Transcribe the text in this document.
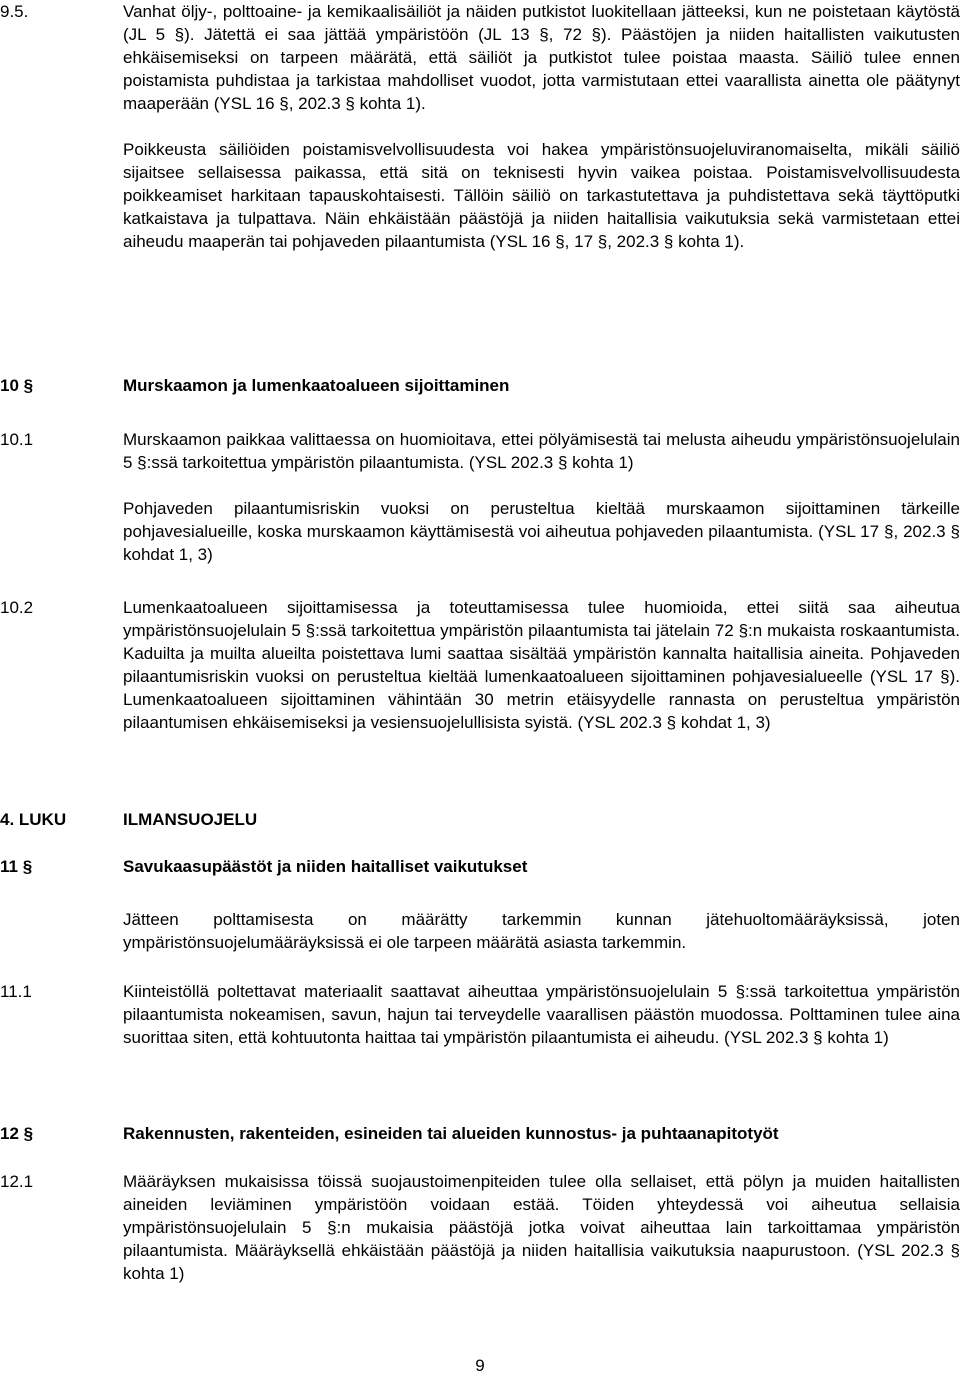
9.5.	Vanhat öljy-, polttoaine- ja kemikaalisäiliöt ja näiden putkistot luokitellaan jätteeksi, kun ne poistetaan käytöstä (JL 5 §). Jätettä ei saa jättää ympäristöön (JL 13 §, 72 §). Päästöjen ja niiden haitallisten vaikutusten ehkäisemiseksi on tarpeen määrätä, että säiliöt ja putkistot tulee poistaa maasta. Säiliö tulee ennen poistamista puhdistaa ja tarkistaa mahdolliset vuodot, jotta varmistutaan ettei vaarallista ainetta ole päätynyt maaperään (YSL 16 §, 202.3 § kohta 1).

Poikkeusta säiliöiden poistamisvelvollisuudesta voi hakea ympäristönsuojeluviranomaiselta, mikäli säiliö sijaitsee sellaisessa paikassa, että sitä on teknisesti hyvin vaikea poistaa. Poistamisvelvollisuudesta poikkeamiset harkitaan tapauskohtaisesti. Tällöin säiliö on tarkastutettava ja puhdistettava sekä täyttöputki katkaistava ja tulpattava. Näin ehkäistään päästöjä ja niiden haitallisia vaikutuksia sekä varmistetaan ettei aiheudu maaperän tai pohjaveden pilaantumista (YSL 16 §, 17 §, 202.3 § kohta 1).

10 §	Murskaamon ja lumenkaatoalueen sijoittaminen
10.1	Murskaamon paikkaa valittaessa on huomioitava, ettei pölyämisestä tai melusta aiheudu ympäristönsuojelulain 5 §:ssä tarkoitettua ympäristön pilaantumista. (YSL 202.3 § kohta 1)

Pohjaveden pilaantumisriskin vuoksi on perusteltua kieltää murskaamon sijoittaminen tärkeille pohjavesialueille, koska murskaamon käyttämisestä voi aiheutua pohjaveden pilaantumista. (YSL 17 §, 202.3 § kohdat 1, 3)

10.2	Lumenkaatoalueen sijoittamisessa ja toteuttamisessa tulee huomioida, ettei siitä saa aiheutua ympäristönsuojelulain 5 §:ssä tarkoitettua ympäristön pilaantumista tai jätelain 72 §:n mukaista roskaantumista. Kaduilta ja muilta alueilta poistettava lumi saattaa sisältää ympäristön kannalta haitallisia aineita. Pohjaveden pilaantumisriskin vuoksi on perusteltua kieltää lumenkaatoalueen sijoittaminen pohjavesialueelle (YSL 17 §). Lumenkaatoalueen sijoittaminen vähintään 30 metrin etäisyydelle rannasta on perusteltua ympäristön pilaantumisen ehkäisemiseksi ja vesiensuojelullisista syistä. (YSL 202.3 § kohdat 1, 3)

4. LUKU	ILMANSUOJELU
11 §	Savukaasupäästöt ja niiden haitalliset vaikutukset

Jätteen polttamisesta on määrätty tarkemmin kunnan jätehuoltomääräyksissä, joten ympäristönsuojelumääräyksissä ei ole tarpeen määrätä asiasta tarkemmin.

11.1	Kiinteistöllä poltettavat materiaalit saattavat aiheuttaa ympäristönsuojelulain 5 §:ssä tarkoitettua ympäristön pilaantumista nokeamisen, savun, hajun tai terveydelle vaarallisen päästön muodossa. Polttaminen tulee aina suorittaa siten, että kohtuutonta haittaa tai ympäristön pilaantumista ei aiheudu. (YSL 202.3 § kohta 1)

12 §	Rakennusten, rakenteiden, esineiden tai alueiden kunnostus- ja puhtaanapitotyöt
12.1	Määräyksen mukaisissa töissä suojaustoimenpiteiden tulee olla sellaiset, että pölyn ja muiden haitallisten aineiden leviäminen ympäristöön voidaan estää. Töiden yhteydessä voi aiheutua sellaisia ympäristönsuojelulain 5 §:n mukaisia päästöjä jotka voivat aiheuttaa lain tarkoittamaa ympäristön pilaantumista. Määräyksellä ehkäistään päästöjä ja niiden haitallisia vaikutuksia naapurustoon. (YSL 202.3 § kohta 1)

9
